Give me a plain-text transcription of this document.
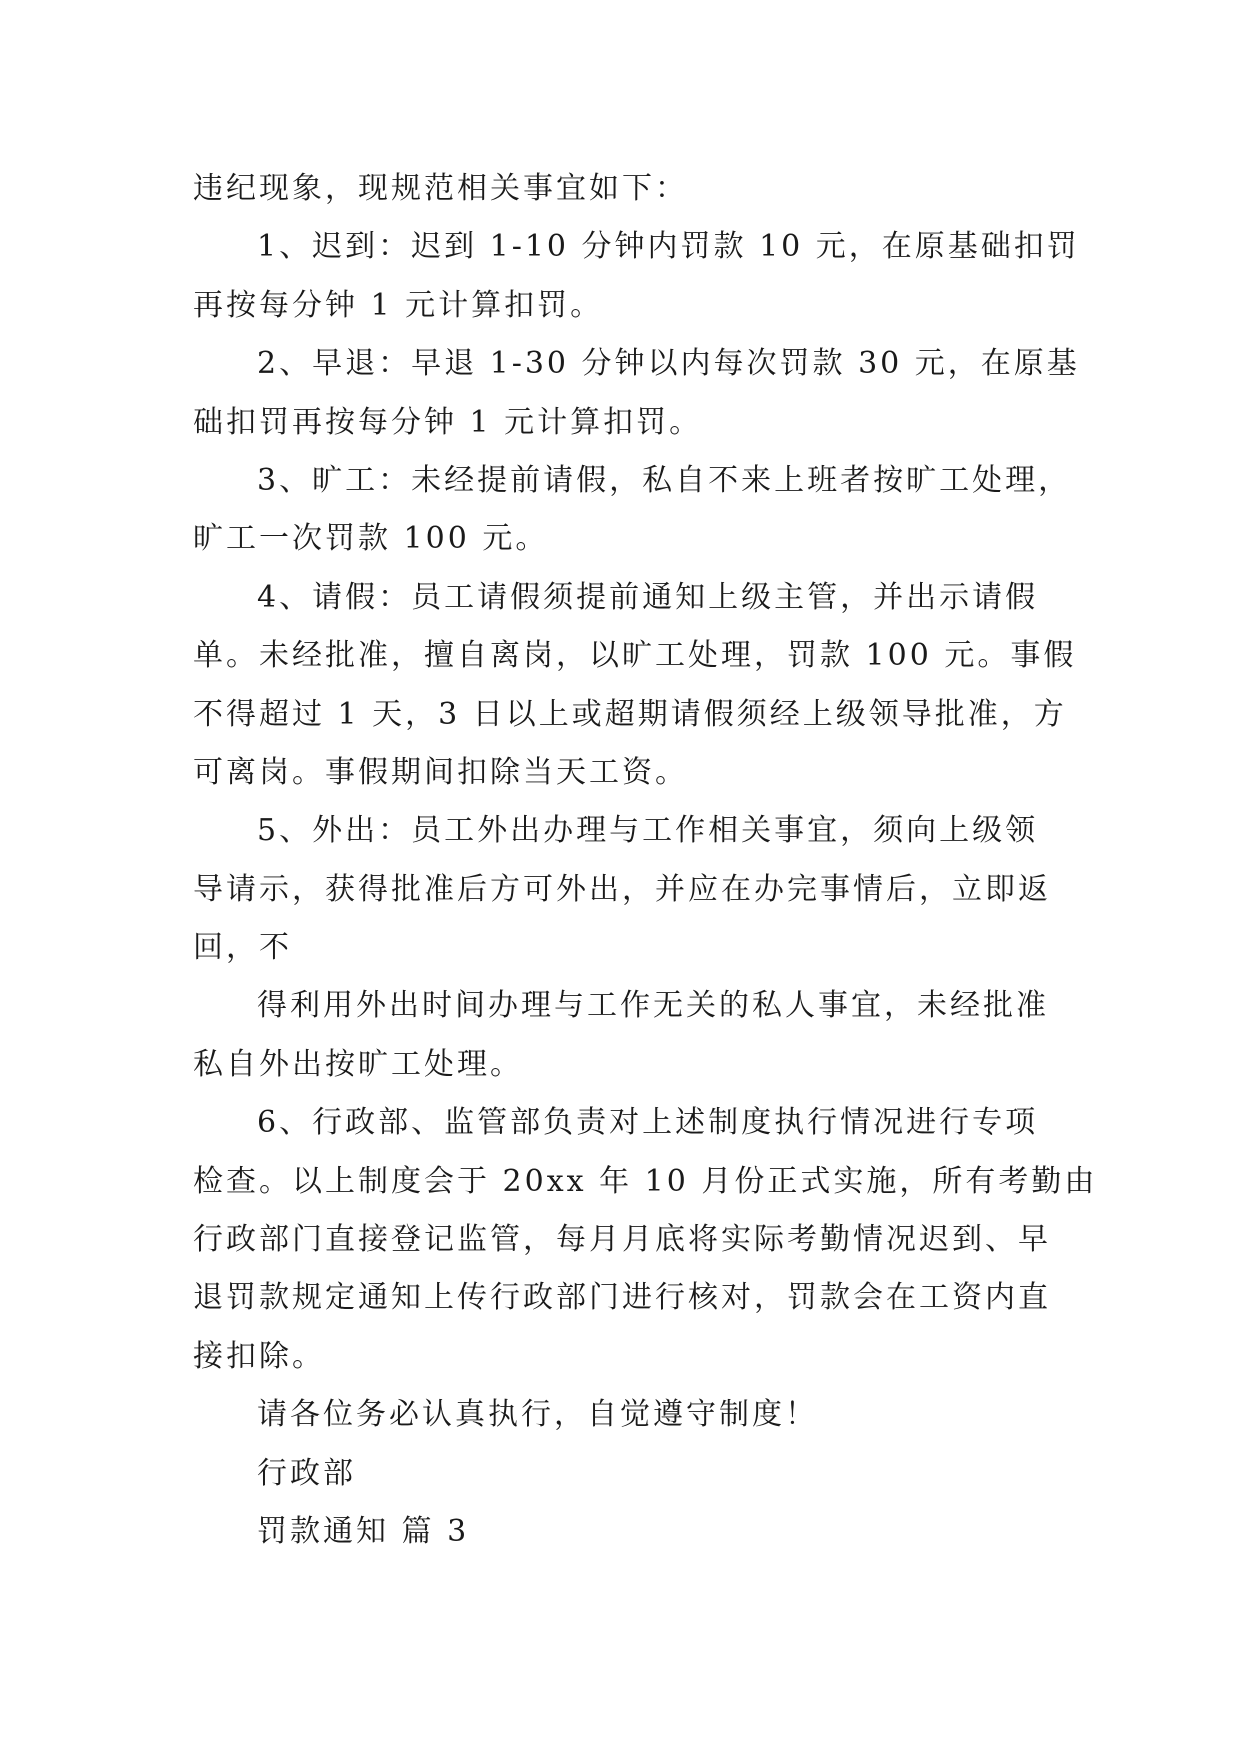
违纪现象，现规范相关事宜如下：
1、迟到：迟到 1-10 分钟内罚款 10 元，在原基础扣罚
再按每分钟 1 元计算扣罚。
2、早退：早退 1-30 分钟以内每次罚款 30 元，在原基
础扣罚再按每分钟 1 元计算扣罚。
3、旷工：未经提前请假，私自不来上班者按旷工处理，
旷工一次罚款 100 元。
4、请假：员工请假须提前通知上级主管，并出示请假
单。未经批准，擅自离岗，以旷工处理，罚款 100 元。事假
不得超过 1 天，3 日以上或超期请假须经上级领导批准，方
可离岗。事假期间扣除当天工资。
5、外出：员工外出办理与工作相关事宜，须向上级领
导请示，获得批准后方可外出，并应在办完事情后，立即返
回，不
得利用外出时间办理与工作无关的私人事宜，未经批准
私自外出按旷工处理。
6、行政部、监管部负责对上述制度执行情况进行专项
检查。以上制度会于 20xx 年 10 月份正式实施，所有考勤由
行政部门直接登记监管，每月月底将实际考勤情况迟到、早
退罚款规定通知上传行政部门进行核对，罚款会在工资内直
接扣除。
请各位务必认真执行，自觉遵守制度！
行政部
罚款通知 篇 3
